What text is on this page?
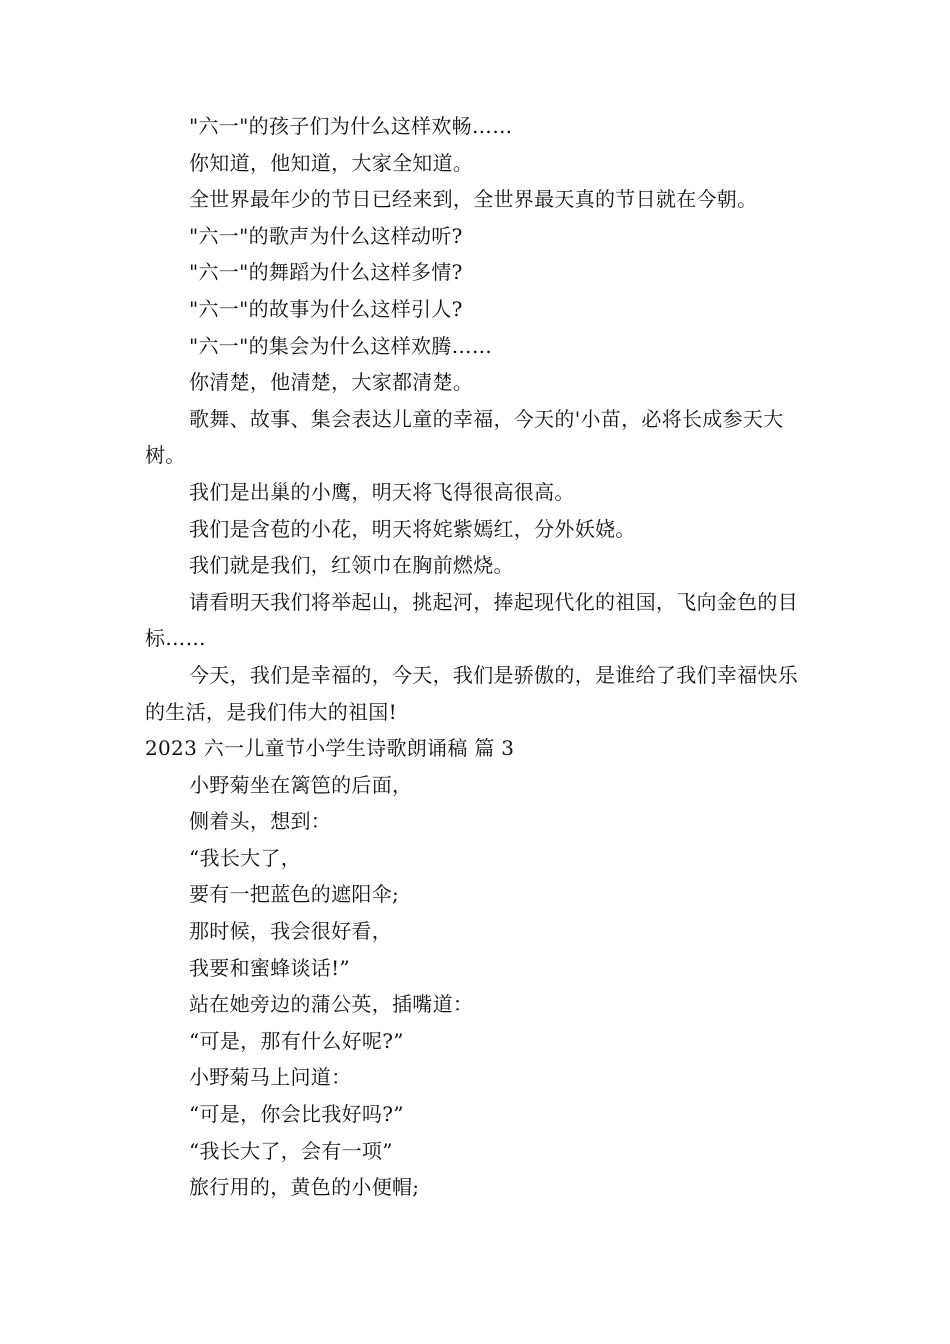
"六一"的孩子们为什么这样欢畅……

你知道，他知道，大家全知道。

全世界最年少的节日已经来到，全世界最天真的节日就在今朝。

"六一"的歌声为什么这样动听?

"六一"的舞蹈为什么这样多情?

"六一"的故事为什么这样引人?

"六一"的集会为什么这样欢腾……

你清楚，他清楚，大家都清楚。

歌舞、故事、集会表达儿童的幸福，今天的'小苗，必将长成参天大树。

我们是出巢的小鹰，明天将飞得很高很高。

我们是含苞的小花，明天将姹紫嫣红，分外妖娆。

我们就是我们，红领巾在胸前燃烧。

请看明天我们将举起山，挑起河，捧起现代化的祖国，飞向金色的目标……

今天，我们是幸福的，今天，我们是骄傲的，是谁给了我们幸福快乐的生活，是我们伟大的祖国!

2023 六一儿童节小学生诗歌朗诵稿 篇 3

小野菊坐在篱笆的后面，

侧着头，想到：

“我长大了，

要有一把蓝色的遮阳伞;

那时候，我会很好看，

我要和蜜蜂谈话!”

站在她旁边的蒲公英，插嘴道：

“可是，那有什么好呢?”

小野菊马上问道：

“可是，你会比我好吗?”

“我长大了，会有一项”

旅行用的，黄色的小便帽;
